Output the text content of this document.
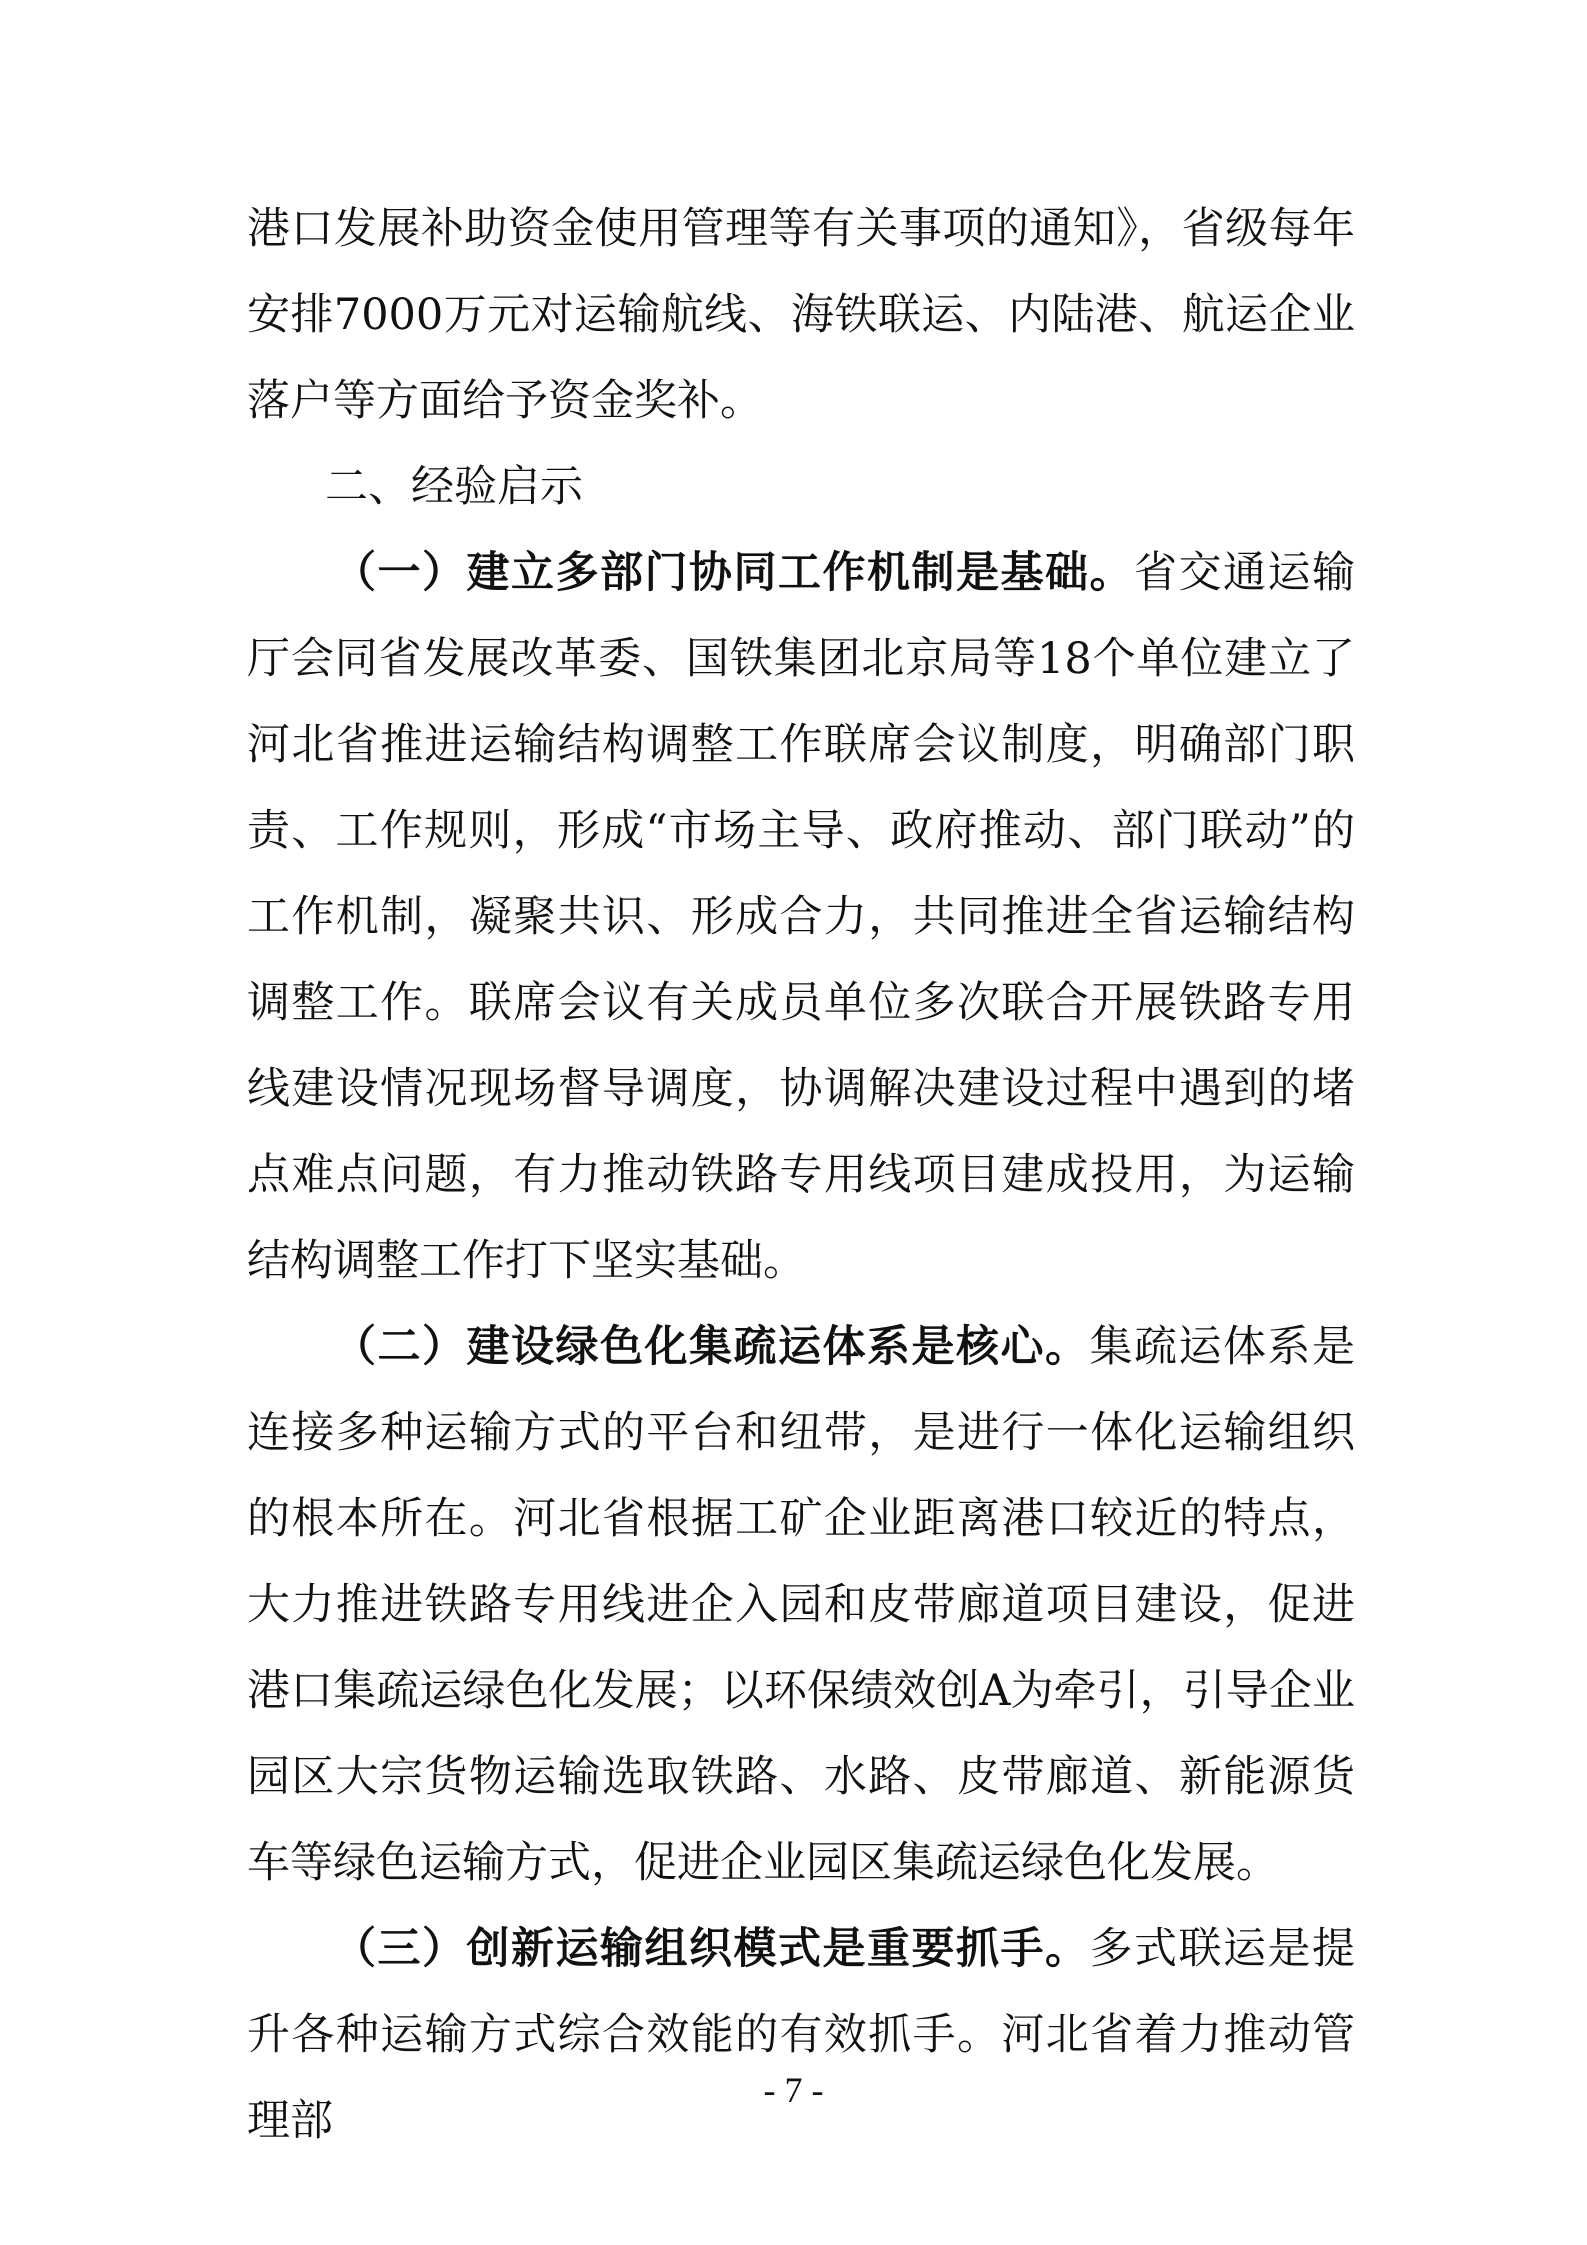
港口发展补助资金使用管理等有关事项的通知》，省级每年安排7000万元对运输航线、海铁联运、内陆港、航运企业落户等方面给予资金奖补。

二、经验启示

（一）建立多部门协同工作机制是基础。省交通运输厅会同省发展改革委、国铁集团北京局等18个单位建立了河北省推进运输结构调整工作联席会议制度，明确部门职责、工作规则，形成“市场主导、政府推动、部门联动”的工作机制，凝聚共识、形成合力，共同推进全省运输结构调整工作。联席会议有关成员单位多次联合开展铁路专用线建设情况现场督导调度，协调解决建设过程中遇到的堵点难点问题，有力推动铁路专用线项目建成投用，为运输结构调整工作打下坚实基础。

（二）建设绿色化集疏运体系是核心。集疏运体系是连接多种运输方式的平台和纽带，是进行一体化运输组织的根本所在。河北省根据工矿企业距离港口较近的特点，大力推进铁路专用线进企入园和皮带廊道项目建设，促进港口集疏运绿色化发展；以环保绩效创A为牵引，引导企业园区大宗货物运输选取铁路、水路、皮带廊道、新能源货车等绿色运输方式，促进企业园区集疏运绿色化发展。

（三）创新运输组织模式是重要抓手。多式联运是提升各种运输方式综合效能的有效抓手。河北省着力推动管理部

- 7 -
